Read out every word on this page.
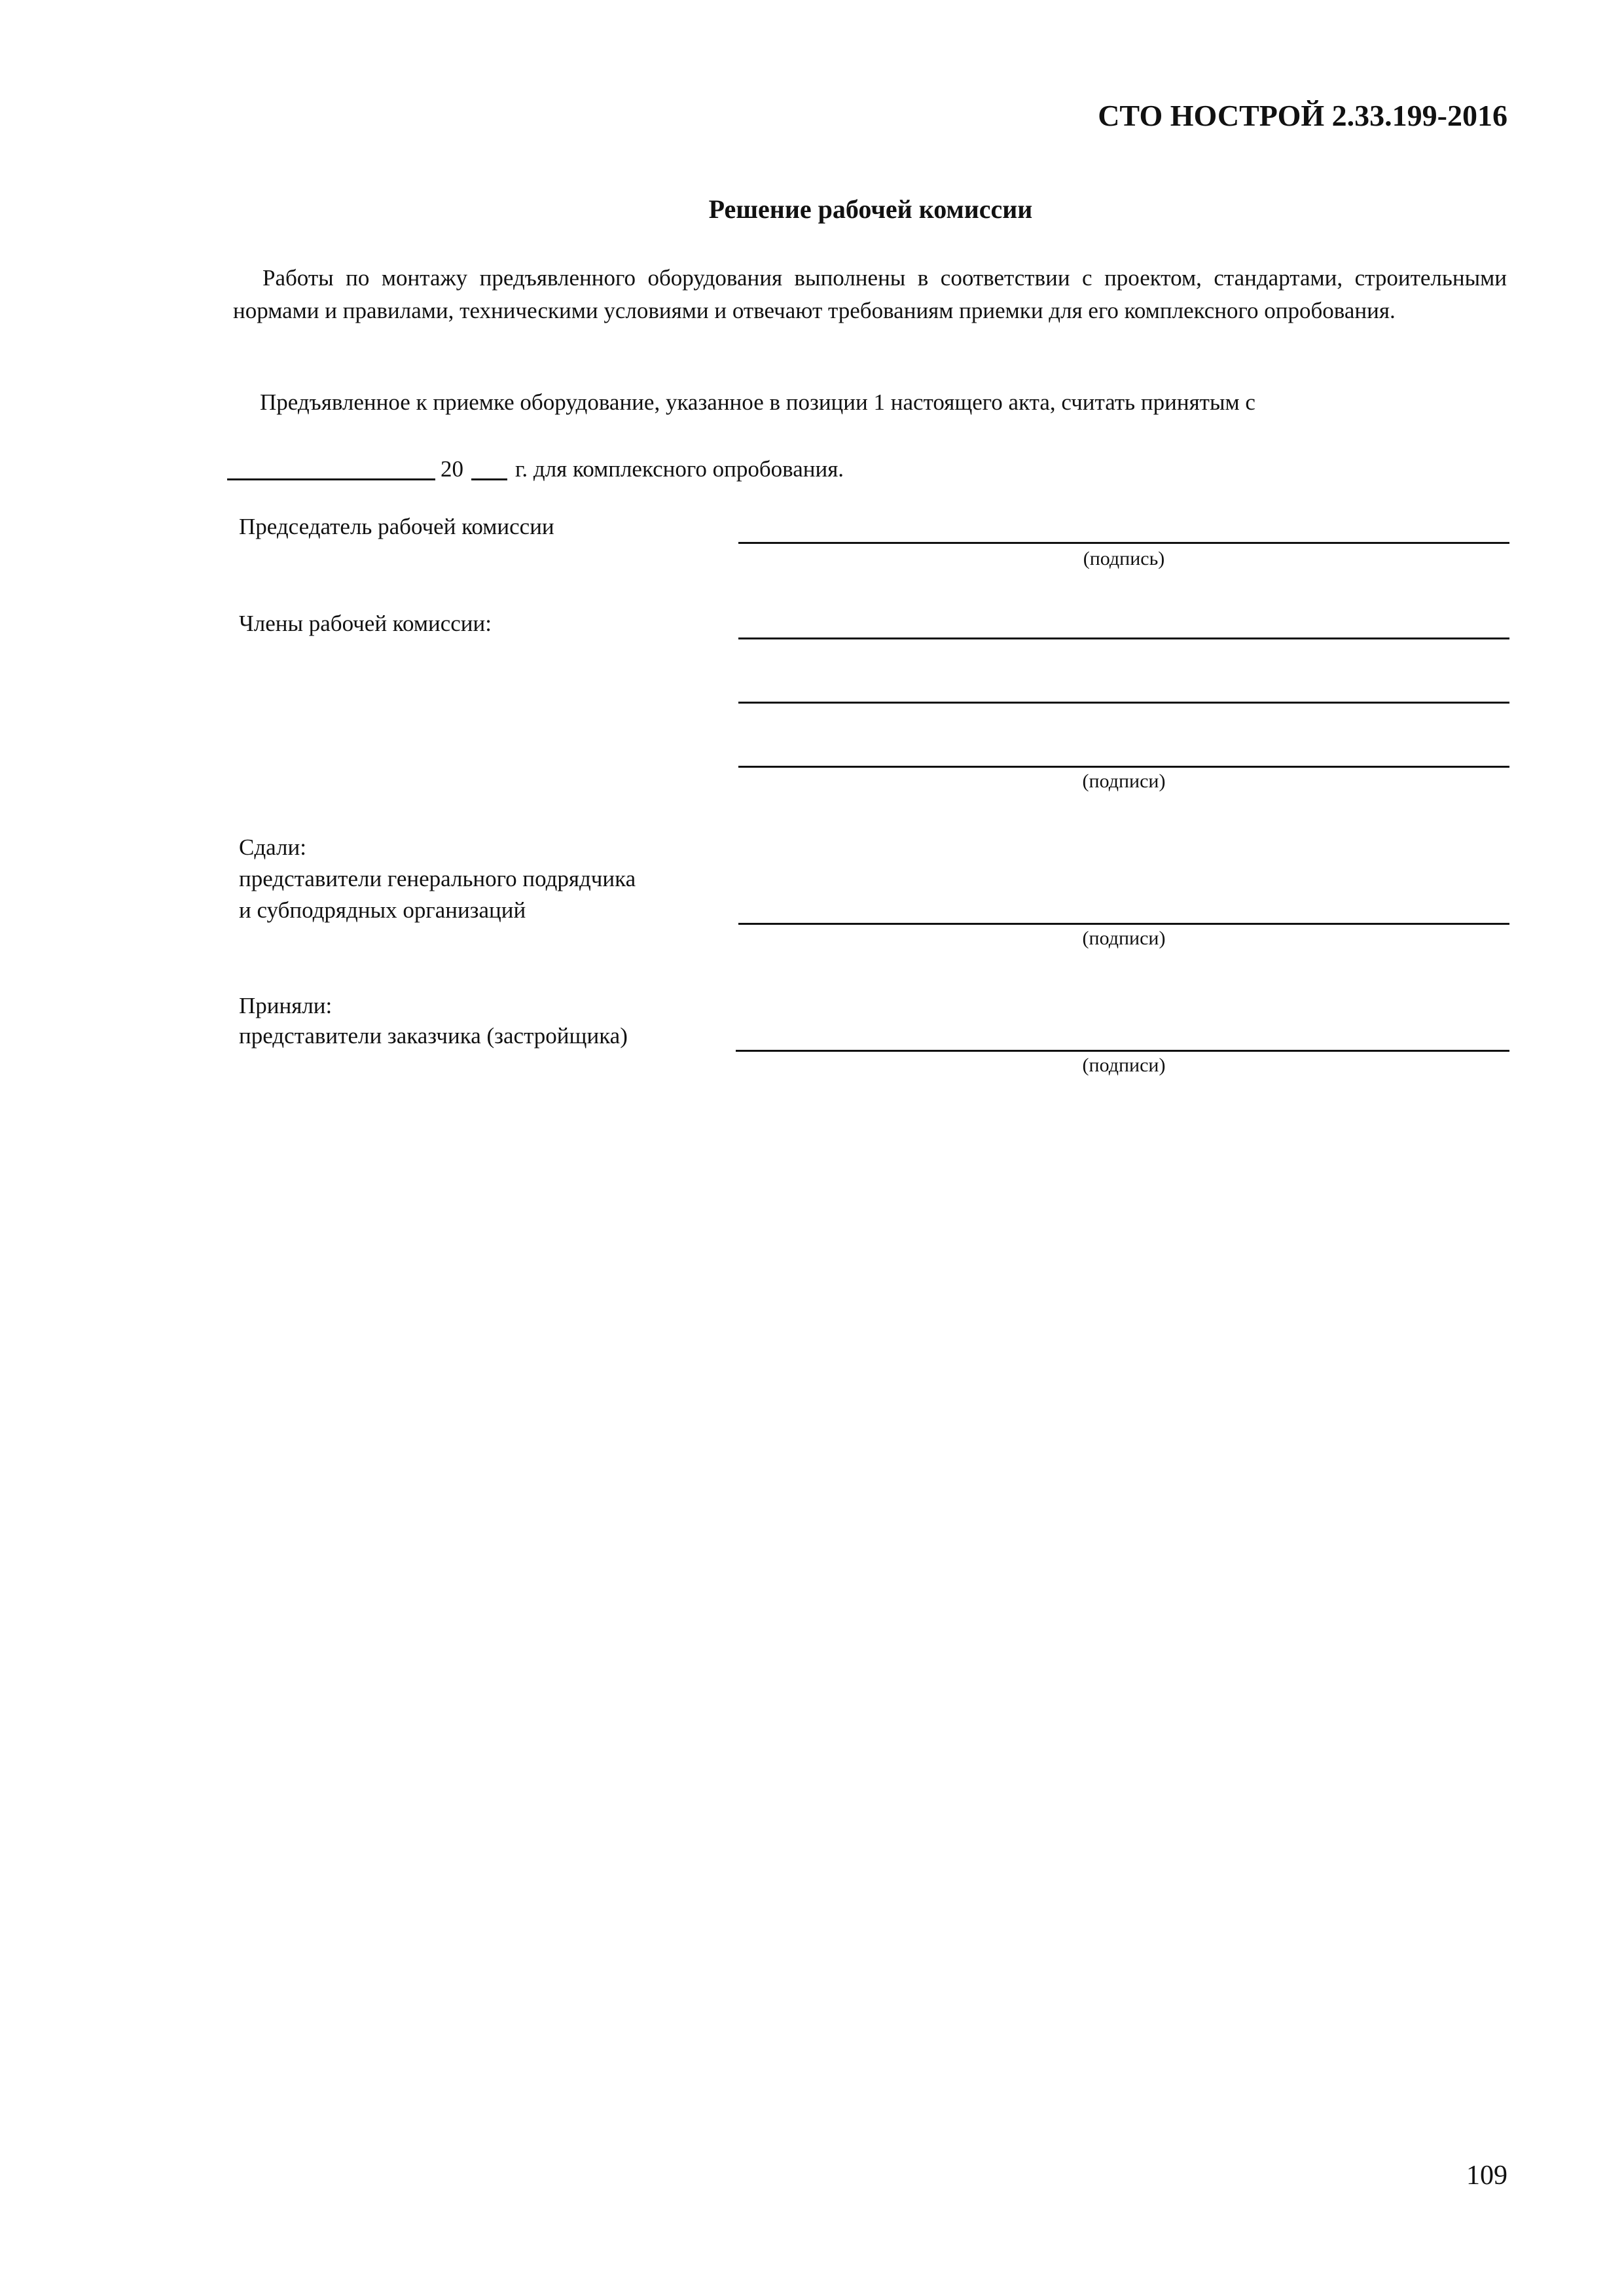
СТО НОСТРОЙ 2.33.199-2016
Решение рабочей комиссии
Работы по монтажу предъявленного оборудования выполнены в соответствии с проектом, стандартами, строительными нормами и правилами, техническими условиями и отвечают требованиям приемки для его комплексного опробования.
Предъявленное к приемке оборудование, указанное в позиции 1 настоящего акта, считать принятым с
20 г. для комплексного опробования.
Председатель рабочей комиссии
(подпись)
Члены рабочей комиссии:
(подписи)
Сдали:
представители генерального подрядчика
и субподрядных организаций
(подписи)
Приняли:
представители заказчика (застройщика)
(подписи)
109
